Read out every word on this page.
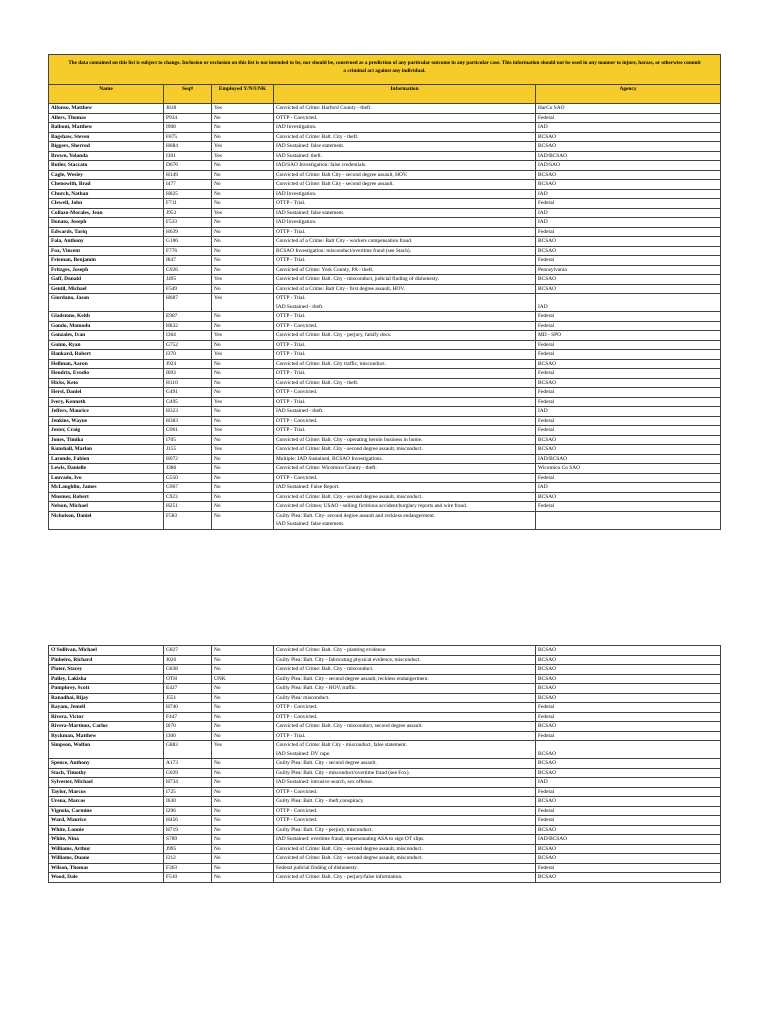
The data contained on this list is subject to change. Inclusion or exclusion on this list is not intended to be, nor should be, construed as a prediction of any particular outcome in any particular case. This information should not be used in any manner to injure, harass, or otherwise commit a criminal act against any individual.				
Name	Seq#	Employed Y/N/UNK	Information	Agency
Alfonso, Matthew	J818	Yes	Convicted of Crime: Harford County - theft.	HarCo SAO
Allers, Thomas	P934	No	OTTP - Convicted.	Federal
Balboni, Matthew	I908	No	IAD Investigation.	IAD
Bagshaw, Steven	F875	No	Convicted of Crime: Balt. City - theft.	BCSAO
Biggers, Sherrod	H684	Yes	IAD Sustained: false statement.	BCSAO
Brown, Yolanda	I301	Yes	IAD Sustained: theft.	IAD/BCSAO
Butler, Staccato	D676	No	IAD/SAO Investigation: false credentials.	IAD/SAO
Cagle, Wesley	H149	No	Convicted of Crime: Balt City - second degree assault, HOV.	BCSAO
Chenowith, Brad	I477	No	Convicted of Crime: Balt City - second degree assault.	BCSAO
Church, Nathan	H825	No	IAD Investigation.	IAD
Clewell, John	F711	No	OTTP - Trial.	Federal
Collazo-Morales, Jean	J953	Yes	IAD Sustained: false statement.	IAD
Donato, Joseph	F533	No	IAD Investigation.	IAD
Edwards, Tariq	H639	No	OTTP - Trial.	Federal
Fala, Anthony	G106	No	Convicted of a Crime: Balt City - workers compensation fraud.	BCSAO
Fox, Vincent	F776	No	BCSAO Investigation: misconduct/overtime fraud (see Stach).	BCSAO
Frieman, Benjamin	I847	No	OTTP - Trial.	Federal
Fritzges, Joseph	G926	No	Convicted of Crime: York County, PA - theft.	Pennsylvania
Gaff, Donald	J495	Yes	Convicted of Crime: Balt. City - misconduct, judicial finding of dishonesty.	BCSAO
Gentil, Michael	F549	No	Convicted of a Crime: Balt City - first degree assault, HOV.	BCSAO
Giordano, Jason	H687	Yes	OTTP - Trial.
IAD Sustained - theft.	IAD
Gladstone, Keith	E987	No	OTTP - Trial.	Federal
Gondo, Momodu	H832	No	OTTP - Convicted.	Federal
Gonzales, Ivan	I364	Yes	Convicted of Crime: Balt. City - perjury, falsify docs.	MD - SPO
Guinn, Ryan	G752	No	OTTP - Trial.	Federal
Hankard, Robert	I370	Yes	OTTP - Trial.	Federal
Hellman, Aaron	J924	No	Convicted of Crime: Balt. City traffic, misconduct.	BCSAO
Hendrix, Evodio	I693	No	OTTP - Trial.	Federal
Hicks, Keto	H110	No	Convicted of Crime: Balt. City - theft.	BCSAO
Hersl, Daniel	G491	No	OTTP - Convicted.	Federal
Ivery, Kenneth	G495	Yes	OTTP - Trial.	Federal
Jeffers, Maurice	H323	No	IAD Sustained - theft.	IAD
Jenkins, Wayne	H383	No	OTTP - Convicted.	Federal
Jester, Craig	G961	Yes	OTTP - Trial.	Federal
Jones, Timika	I705	No	Convicted of Crime: Balt. City - operating heroin business in home.	BCSAO
Kunshall, Marlon	J155	Yes	Convicted of Crime: Balt. City - second degree assault, misconduct.	BCSAO
Laronde, Fabien	H072	No	Multiple: IAD Sustained, BCSAO Investigations.	IAD/BCSAO
Lewis, Danielle	J386	No	Convicted of Crime: Wicomico County - theft.	Wicomico Co SAO
Louvado, Ivo	G550	No	OTTP - Convicted.	Federal
McLaughlin, James	G967	No	IAD Sustained: False Report.	IAD
Musmer, Robert	C923	No	Convicted of Crime: Balt. City - second degree assault, misconduct.	BCSAO
Nelson, Michael	H251	No	Convicted of Crimes: USAO - selling fictitious accident/burglary reports and wire fraud.	Federal
Nicholson, Daniel	F583	No	Guilty Plea: Balt. City- second degree assault and reckless endangerment.
IAD Sustained: false statement.	

O'Sullivan, Michael	G827	No	Convicted of Crime: Balt. City - planting evidence.	BCSAO
Pinheiro, Richard	J026	No	Guilty Plea: Balt. City - fabricating physical evidence, misconduct.	BCSAO
Plater, Stacey	G838	No	Convicted of Crime: Balt. City - misconduct.	BCSAO
Pulley, Lakisha	OTH	UNK	Guilty Plea: Balt. City - second degree assault, reckless endangerment.	BCSAO
Pumphrey, Scott	E427	No	Guilty Plea: Balt. City - HOV, traffic.	BCSAO
Ranadhai, Bijay	J551	No	Guilty Plea: misconduct.	BCSAO
Rayam, Jemell	H740	No	OTTP - Convicted.	Federal
Rivera, Victor	F447	No	OTTP - Convicted.	Federal
Rivera-Martinez, Carlos	I670	No	Convicted of Crime: Balt. City - misconduct, second degree assault.	BCSAO
Ryckman, Matthew	I300	No	OTTP - Trial.	Federal
Simpson, Wolfon	G883	Yes	Convicted of Crime: Balt City - misconduct, false statement.
IAD Sustained: DV rape.	BCSAO
Spence, Anthony	A173	No	Guilty Plea: Balt. City - second degree assault.	BCSAO
Stach, Timothy	G039	No	Guilty Plea: Balt. City - misconduct/overtime fraud (see Fox).	BCSAO
Sylvester, Michael	H734	No	IAD Sustained: intrusive search, sex offense.	IAD
Taylor, Marcus	I725	No	OTTP - Convicted.	Federal
Urena, Marcos	I630	No	Guilty Plea: Balt. City - theft,conspiracy.	BCSAO
Vignola, Carmine	I296	No	OTTP - Convicted.	Federal
Ward, Maurice	H456	No	OTTP - Convicted.	Federal
White, Lonnie	H719	No	Guilty Plea: Balt. City - perjury, misconduct.	BCSAO
White, Nina	S789	No	IAD Sustained: overtime fraud, impersonating ASA to sign OT slips.	IAD/BCSAO
Williams, Arthur	J995	No	Convicted of Crime: Balt. City - second degree assault, misconduct.	BCSAO
Williams, Duane	I312	No	Convicted of Crime: Balt. City - second degree assault, misconduct.	BCSAO
Wilson, Thomas	F363	No	Federal judicial finding of dishonesty.	Federal
Wood, Dale	F510	No	Convicted of Crime: Balt. City - perjury/false information.	BCSAO
